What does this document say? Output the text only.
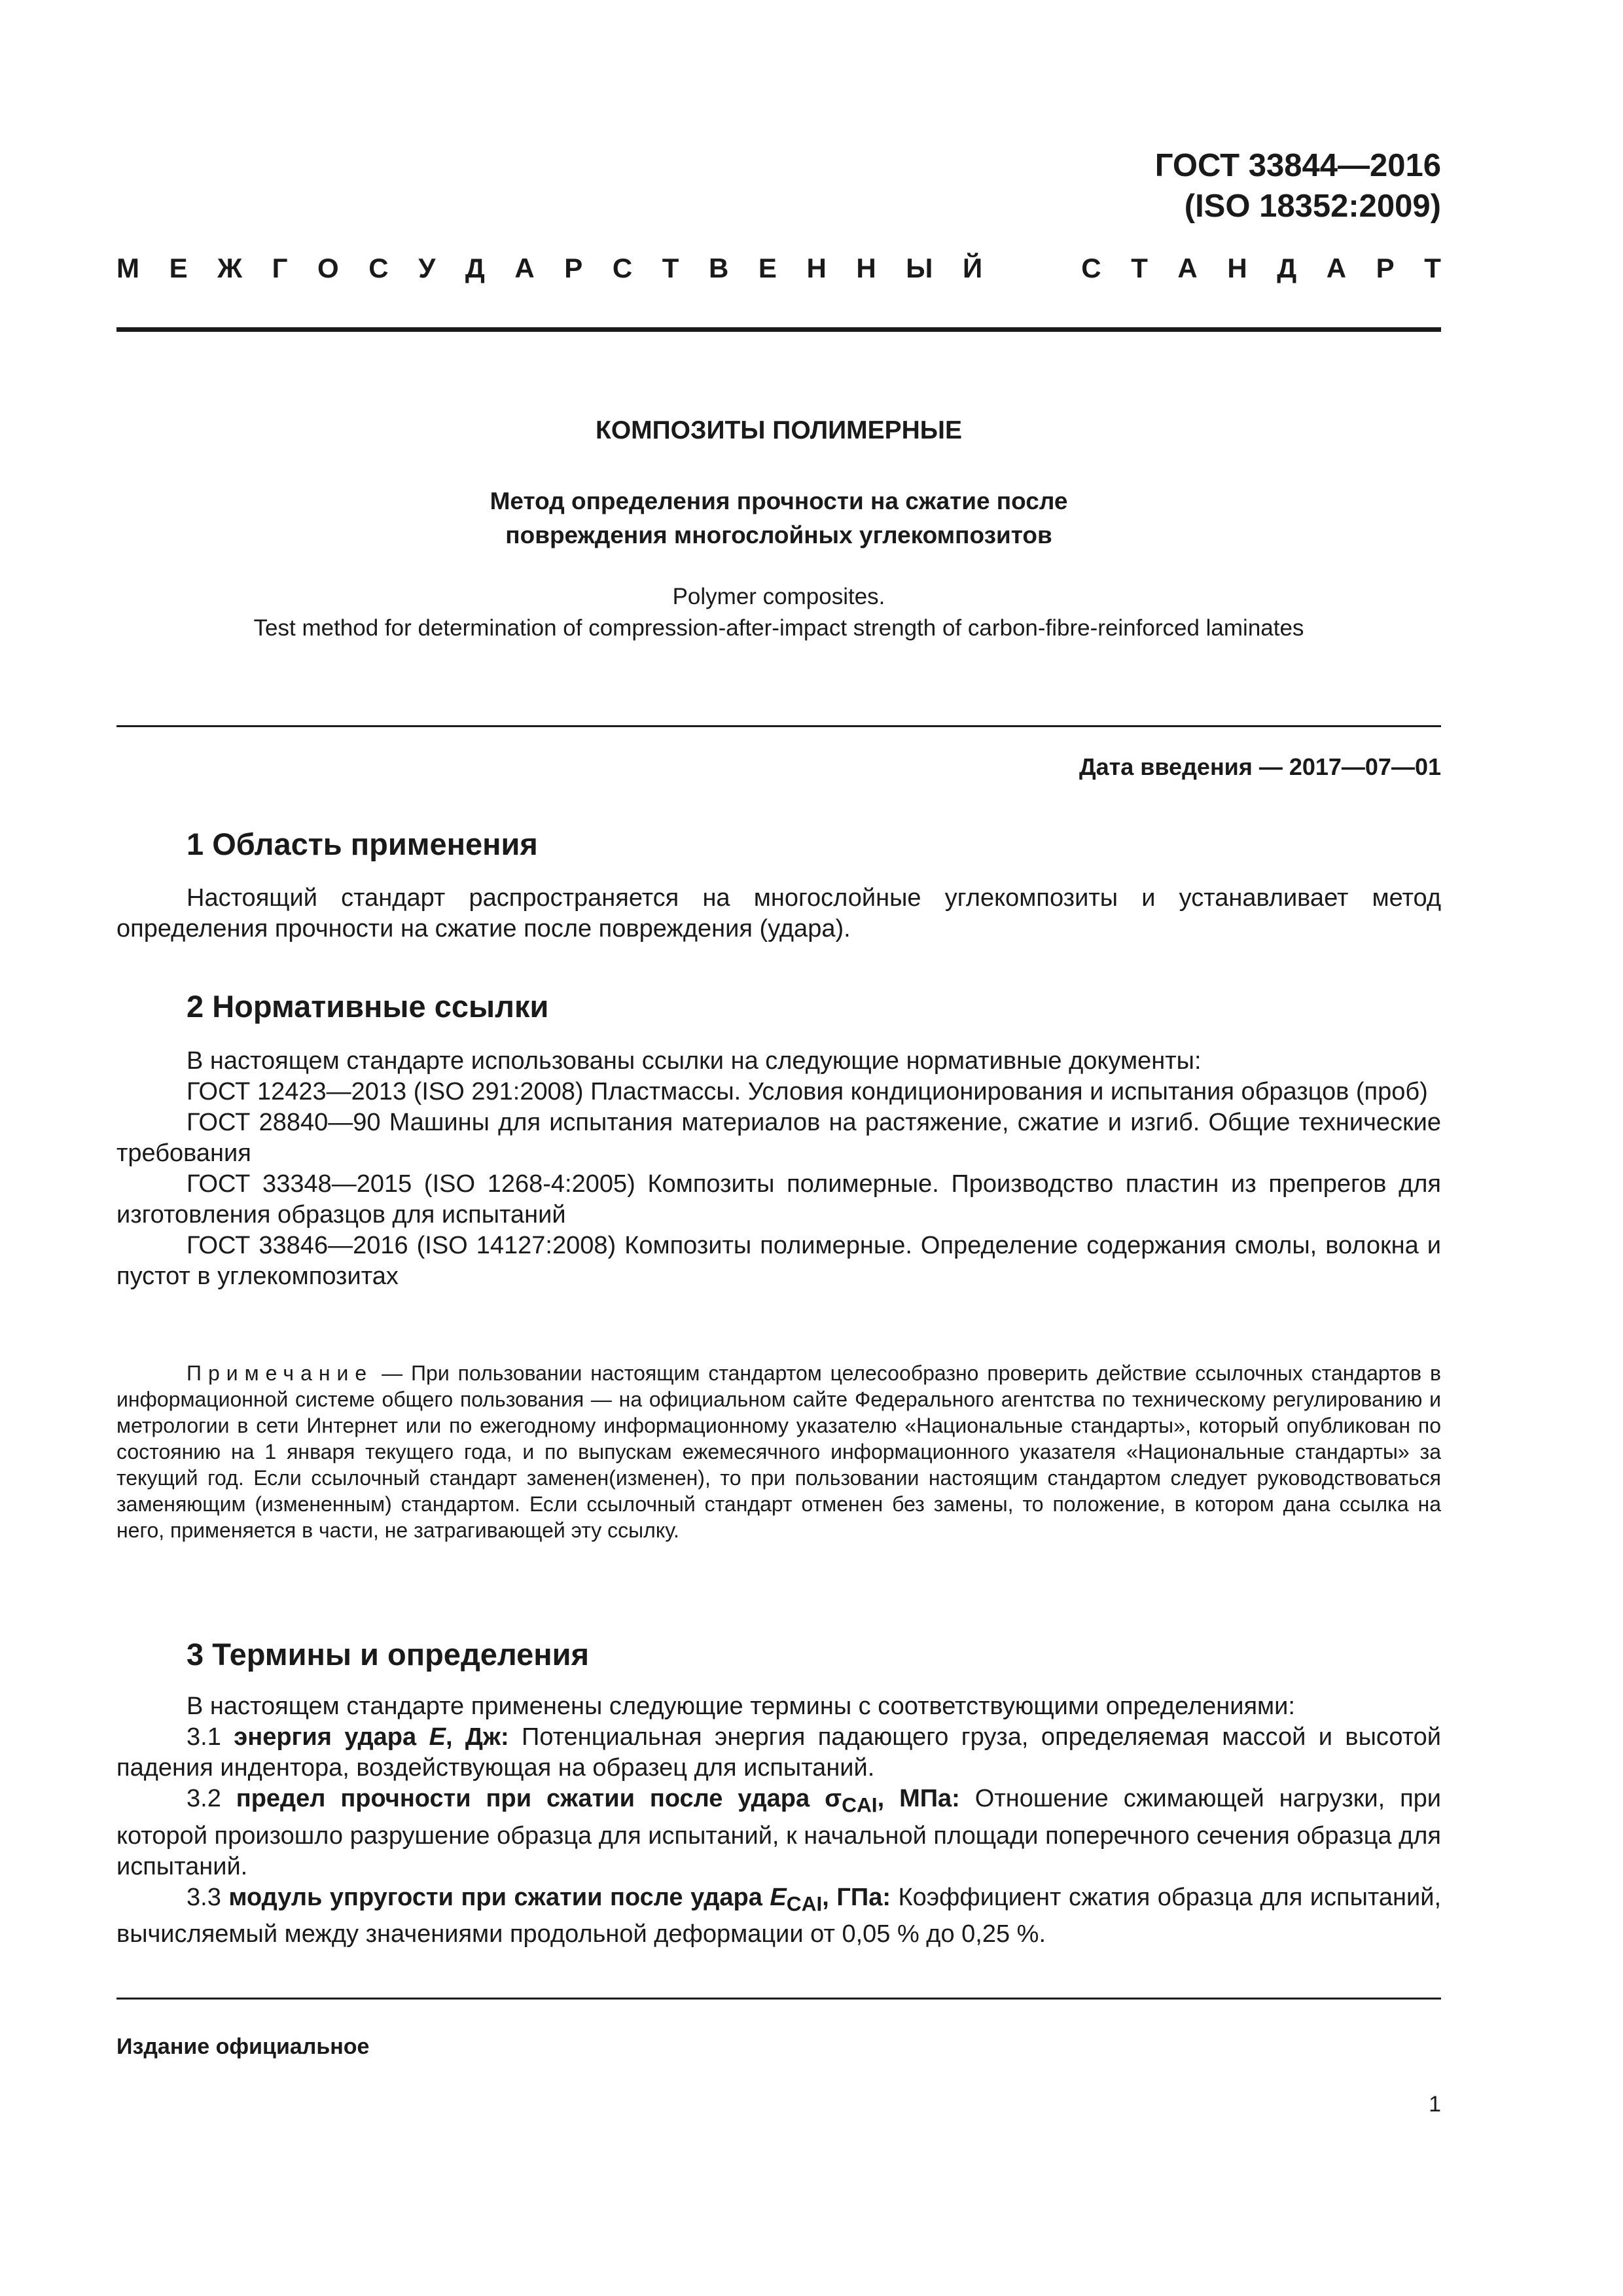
ГОСТ 33844—2016
(ISO 18352:2009)
М Е Ж Г О С У Д А Р С Т В Е Н Н Ы Й	С Т А Н Д А Р Т
КОМПОЗИТЫ ПОЛИМЕРНЫЕ
Метод определения прочности на сжатие после
повреждения многослойных углекомпозитов
Polymer composites.
Test method for determination of compression-after-impact strength of carbon-fibre-reinforced laminates
Дата введения — 2017—07—01
1 Область применения

Настоящий стандарт распространяется на многослойные углекомпозиты и устанавливает метод определения прочности на сжатие после повреждения (удара).

2 Нормативные ссылки

В настоящем стандарте использованы ссылки на следующие нормативные документы:

ГОСТ 12423—2013 (ISO 291:2008) Пластмассы. Условия кондиционирования и испытания образцов (проб)

ГОСТ 28840—90 Машины для испытания материалов на растяжение, сжатие и изгиб. Общие технические требования

ГОСТ 33348—2015 (ISO 1268-4:2005) Композиты полимерные. Производство пластин из препрегов для изготовления образцов для испытаний

ГОСТ 33846—2016 (ISO 14127:2008) Композиты полимерные. Определение содержания смолы, волокна и пустот в углекомпозитах

Примечание — При пользовании настоящим стандартом целесообразно проверить действие ссылочных стандартов в информационной системе общего пользования — на официальном сайте Федерального агентства по техническому регулированию и метрологии в сети Интернет или по ежегодному информационному указателю «Национальные стандарты», который опубликован по состоянию на 1 января текущего года, и по выпускам ежемесячного информационного указателя «Национальные стандарты» за текущий год. Если ссылочный стандарт заменен(изменен), то при пользовании настоящим стандартом следует руководствоваться заменяющим (измененным) стандартом. Если ссылочный стандарт отменен без замены, то положение, в котором дана ссылка на него, применяется в части, не затрагивающей эту ссылку.

3 Термины и определения

В настоящем стандарте применены следующие термины с соответствующими определениями:

3.1 энергия удара E, Дж: Потенциальная энергия падающего груза, определяемая массой и высотой падения индентора, воздействующая на образец для испытаний.

3.2 предел прочности при сжатии после удара $\sigma_{CAI}$, МПа: Отношение сжимающей нагрузки, при которой произошло разрушение образца для испытаний, к начальной площади поперечного сечения образца для испытаний.

3.3 модуль упругости при сжатии после удара $E_{CAI}$, ГПа: Коэффициент сжатия образца для испытаний, вычисляемый между значениями продольной деформации от 0,05 % до 0,25 %.

Издание официальное
1
